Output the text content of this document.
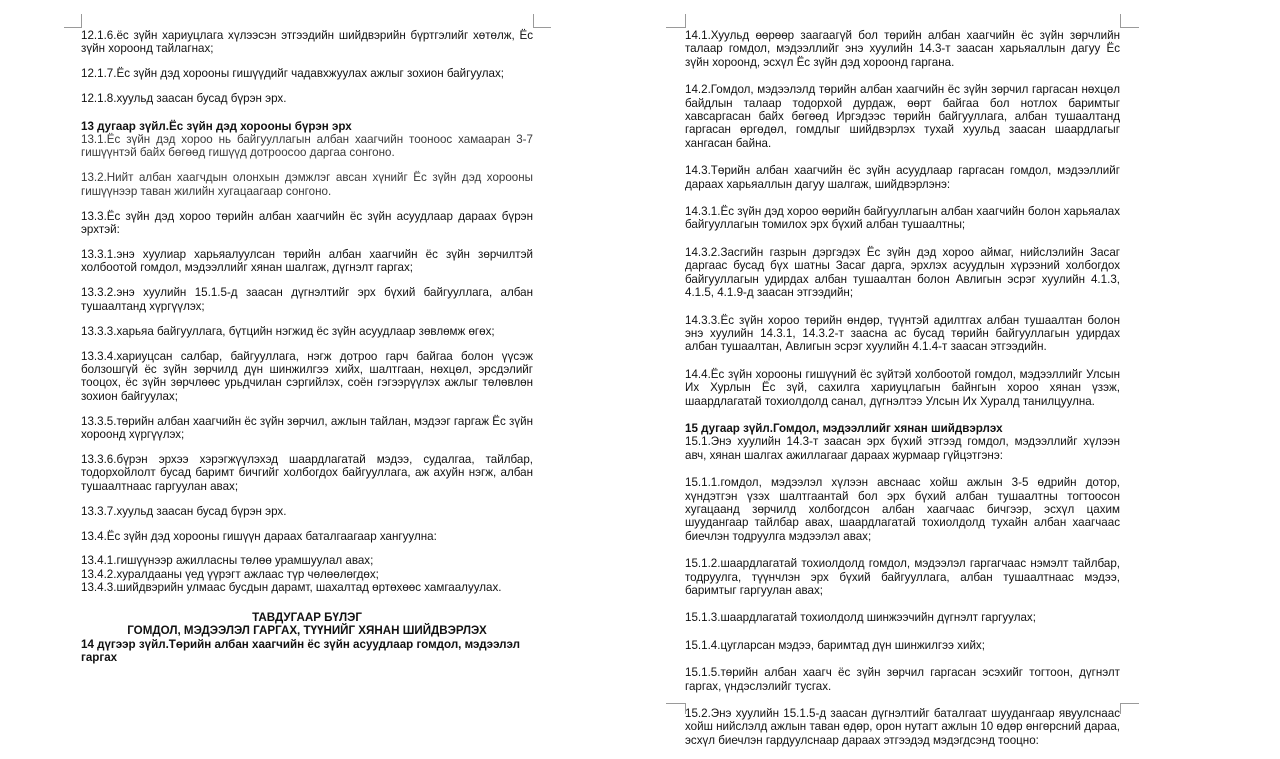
12.1.6.ёс зүйн хариуцлага хүлээсэн этгээдийн шийдвэрийн бүртгэлийг хөтөлж, Ёс зүйн хороонд тайлагнах;

12.1.7.Ёс зүйн дэд хорооны гишүүдийг чадавхжуулах ажлыг зохион байгуулах;

12.1.8.хуульд заасан бусад бүрэн эрх.

13 дугаар зүйл.Ёс зүйн дэд хорооны бүрэн эрх

13.1.Ёс зүйн дэд хороо нь байгууллагын албан хаагчийн тооноос хамааран 3-7 гишүүнтэй байх бөгөөд гишүүд дотроосоо даргаа сонгоно.

13.2.Нийт албан хаагчдын олонхын дэмжлэг авсан хүнийг Ёс зүйн дэд хорооны гишүүнээр таван жилийн хугацаагаар сонгоно.

13.3.Ёс зүйн дэд хороо төрийн албан хаагчийн ёс зүйн асуудлаар дараах бүрэн эрхтэй:

13.3.1.энэ хуулиар харьяалуулсан төрийн албан хаагчийн ёс зүйн зөрчилтэй холбоотой гомдол, мэдээллийг хянан шалгаж, дүгнэлт гаргах;

13.3.2.энэ хуулийн 15.1.5-д заасан дүгнэлтийг эрх бүхий байгууллага, албан тушаалтанд хүргүүлэх;

13.3.3.харьяа байгууллага, бүтцийн нэгжид ёс зүйн асуудлаар зөвлөмж өгөх;

13.3.4.хариуцсан салбар, байгууллага, нэгж дотроо гарч байгаа болон үүсэж болзошгүй ёс зүйн зөрчилд дүн шинжилгээ хийх, шалтгаан, нөхцөл, эрсдэлийг тооцох, ёс зүйн зөрчлөөс урьдчилан сэргийлэх, соён гэгээрүүлэх ажлыг төлөвлөн зохион байгуулах;

13.3.5.төрийн албан хаагчийн ёс зүйн зөрчил, ажлын тайлан, мэдээг гаргаж Ёс зүйн хороонд хүргүүлэх;

13.3.6.бүрэн эрхээ хэрэгжүүлэхэд шаардлагатай мэдээ, судалгаа, тайлбар, тодорхойлолт бусад баримт бичгийг холбогдох байгууллага, аж ахуйн нэгж, албан тушаалтнаас гаргуулан авах;

13.3.7.хуульд заасан бусад бүрэн эрх.

13.4.Ёс зүйн дэд хорооны гишүүн дараах баталгаагаар хангуулна:

13.4.1.гишүүнээр ажилласны төлөө урамшуулал авах;
13.4.2.хуралдааны үед үүрэгт ажлаас түр чөлөөлөгдөх;
13.4.3.шийдвэрийн улмаас бусдын дарамт, шахалтад өртөхөөс хамгаалуулах.

ТАВДУГААР БҮЛЭГ

ГОМДОЛ, МЭДЭЭЛЭЛ ГАРГАХ, ТҮҮНИЙГ ХЯНАН ШИЙДВЭРЛЭХ

14 дүгээр зүйл.Төрийн албан хаагчийн ёс зүйн асуудлаар гомдол, мэдээлэл гаргах

14.1.Хуульд өөрөөр заагаагүй бол төрийн албан хаагчийн ёс зүйн зөрчлийн талаар гомдол, мэдээллийг энэ хуулийн 14.3-т заасан харьяаллын дагуу Ёс зүйн хороонд, эсхүл Ёс зүйн дэд хороонд гаргана.

14.2.Гомдол, мэдээлэлд төрийн албан хаагчийн ёс зүйн зөрчил гаргасан нөхцөл байдлын талаар тодорхой дурдаж, өөрт байгаа бол нотлох баримтыг хавсаргасан байх бөгөөд Иргэдээс төрийн байгууллага, албан тушаалтанд гаргасан өргөдөл, гомдлыг шийдвэрлэх тухай хуульд заасан шаардлагыг хангасан байна.

14.3.Төрийн албан хаагчийн ёс зүйн асуудлаар гаргасан гомдол, мэдээллийг дараах харьяаллын дагуу шалгаж, шийдвэрлэнэ:

14.3.1.Ёс зүйн дэд хороо өөрийн байгууллагын албан хаагчийн болон харьяалах байгууллагын томилох эрх бүхий албан тушаалтны;

14.3.2.Засгийн газрын дэргэдэх Ёс зүйн дэд хороо аймаг, нийслэлийн Засаг даргаас бусад бүх шатны Засаг дарга, эрхлэх асуудлын хүрээний холбогдох байгууллагын удирдах албан тушаалтан болон Авлигын эсрэг хуулийн 4.1.3, 4.1.5, 4.1.9-д заасан этгээдийн;

14.3.3.Ёс зүйн хороо төрийн өндөр, түүнтэй адилтгах албан тушаалтан болон энэ хуулийн 14.3.1, 14.3.2-т заасна ас бусад төрийн байгууллагын удирдах албан тушаалтан, Авлигын эсрэг хуулийн 4.1.4-т заасан этгээдийн.

14.4.Ёс зүйн хорооны гишүүний ёс зүйтэй холбоотой гомдол, мэдээллийг Улсын Их Хурлын Ёс зүй, сахилга хариуцлагын байнгын хороо хянан үзэж, шаардлагатай тохиолдолд санал, дүгнэлтээ Улсын Их Хуралд танилцуулна.

15 дугаар зүйл.Гомдол, мэдээллийг хянан шийдвэрлэх

15.1.Энэ хуулийн 14.3-т заасан эрх бүхий этгээд гомдол, мэдээллийг хүлээн авч, хянан шалгах ажиллагааг дараах журмаар гүйцэтгэнэ:

15.1.1.гомдол, мэдээлэл хүлээн авснаас хойш ажлын 3-5 өдрийн дотор, хүндэтгэн үзэх шалтгаантай бол эрх бүхий албан тушаалтны тогтоосон хугацаанд зөрчилд холбогдсон албан хаагчаас бичгээр, эсхүл цахим шуудангаар тайлбар авах, шаардлагатай тохиолдолд тухайн албан хаагчаас биечлэн тодруулга мэдээлэл авах;

15.1.2.шаардлагатай тохиолдолд гомдол, мэдээлэл гаргагчаас нэмэлт тайлбар, тодруулга, түүнчлэн эрх бүхий байгууллага, албан тушаалтнаас мэдээ, баримтыг гаргуулан авах;

15.1.3.шаардлагатай тохиолдолд шинжээчийн дүгнэлт гаргуулах;

15.1.4.цугларсан мэдээ, баримтад дүн шинжилгээ хийх;

15.1.5.төрийн албан хаагч ёс зүйн зөрчил гаргасан эсэхийг тогтоон, дүгнэлт гаргах, үндэслэлийг тусгах.

15.2.Энэ хуулийн 15.1.5-д заасан дүгнэлтийг баталгаат шуудангаар явуулснаас хойш нийслэлд ажлын таван өдөр, орон нутагт ажлын 10 өдөр өнгөрсний дараа, эсхүл биечлэн гардуулснаар дараах этгээдэд мэдэгдсэнд тооцно:
